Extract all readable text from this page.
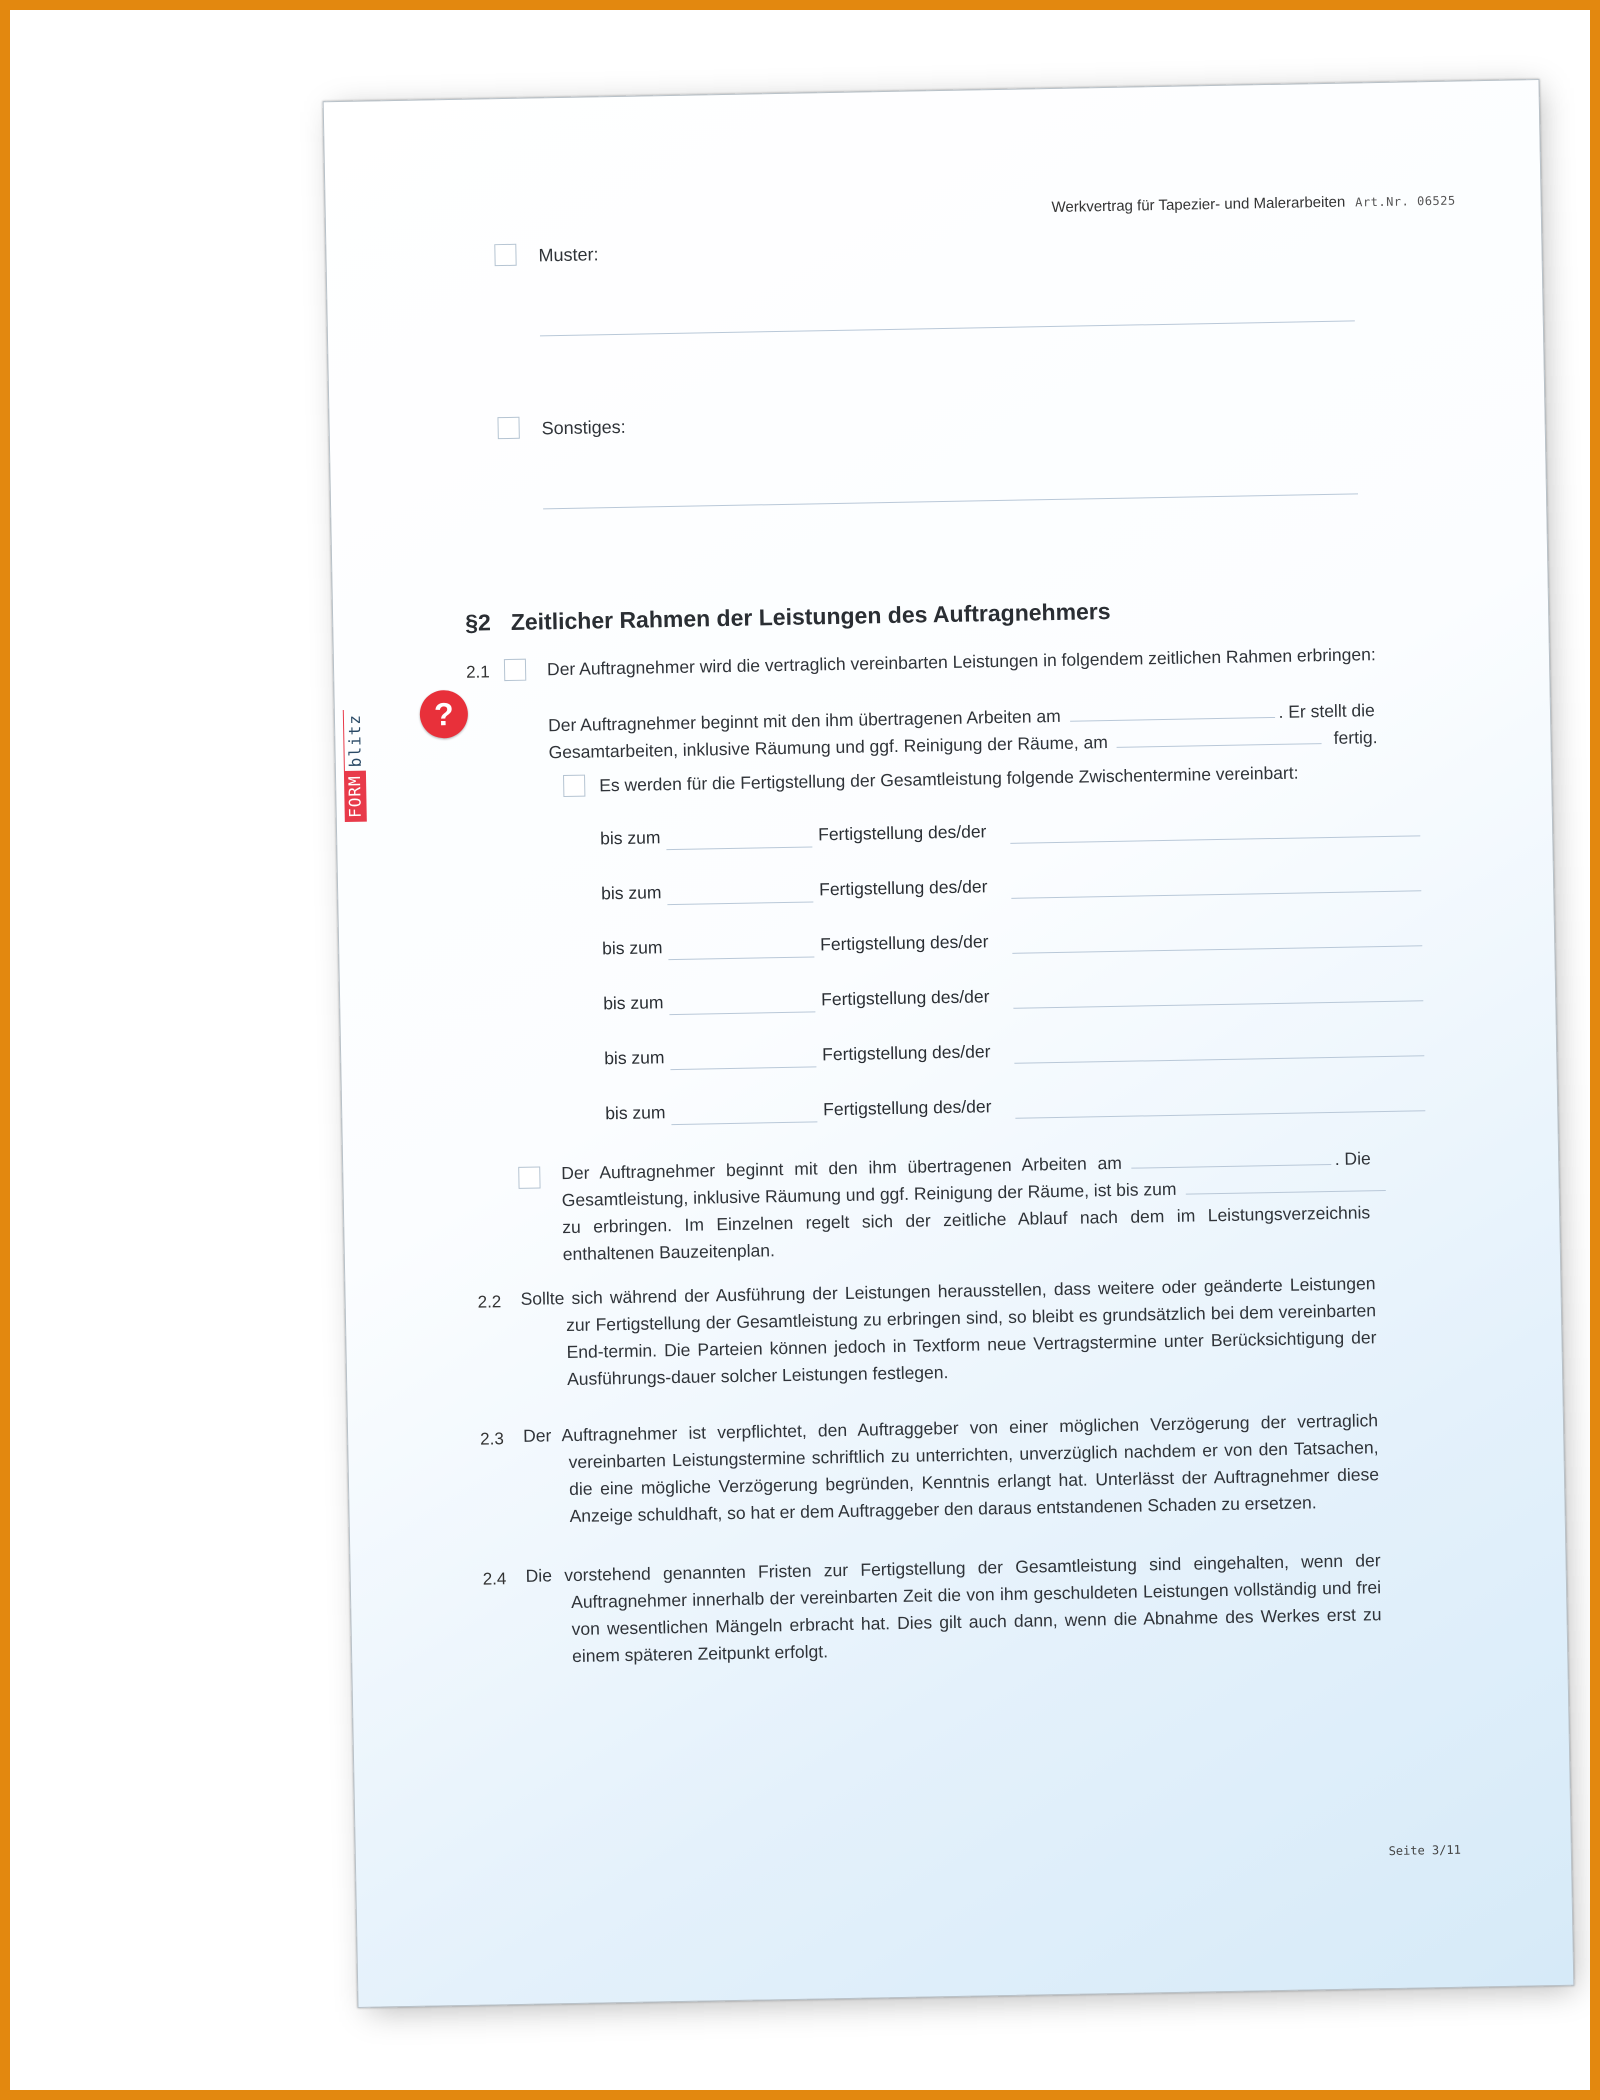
Werkvertrag für Tapezier- und Malerarbeiten Art.Nr. 06525
Muster:
Sonstiges:
§2 Zeitlicher Rahmen der Leistungen des Auftragnehmers
2.1	Der Auftragnehmer wird die vertraglich vereinbarten Leistungen in folgendem zeitlichen Rahmen erbringen:
Der Auftragnehmer beginnt mit den ihm übertragenen Arbeiten am	. Er stellt die
Gesamtarbeiten, inklusive Räumung und ggf. Reinigung der Räume, am	fertig.
Es werden für die Fertigstellung der Gesamtleistung folgende Zwischentermine vereinbart:
bis zum	Fertigstellung des/der
bis zum	Fertigstellung des/der
bis zum	Fertigstellung des/der
bis zum	Fertigstellung des/der
bis zum	Fertigstellung des/der
bis zum	Fertigstellung des/der
Der Auftragnehmer beginnt mit den ihm übertragenen Arbeiten am	. Die
Gesamtleistung, inklusive Räumung und ggf. Reinigung der Räume, ist bis zum
zu erbringen. Im Einzelnen regelt sich der zeitliche Ablauf nach dem im Leistungsverzeichnis enthaltenen Bauzeitenplan.
2.2 Sollte sich während der Ausführung der Leistungen herausstellen, dass weitere oder geänderte Leistungen zur Fertigstellung der Gesamtleistung zu erbringen sind, so bleibt es grundsätzlich bei dem vereinbarten End-termin. Die Parteien können jedoch in Textform neue Vertragstermine unter Berücksichtigung der Ausführungs-dauer solcher Leistungen festlegen.
2.3 Der Auftragnehmer ist verpflichtet, den Auftraggeber von einer möglichen Verzögerung der vertraglich vereinbarten Leistungstermine schriftlich zu unterrichten, unverzüglich nachdem er von den Tatsachen, die eine mögliche Verzögerung begründen, Kenntnis erlangt hat. Unterlässt der Auftragnehmer diese Anzeige schuldhaft, so hat er dem Auftraggeber den daraus entstandenen Schaden zu ersetzen.
2.4 Die vorstehend genannten Fristen zur Fertigstellung der Gesamtleistung sind eingehalten, wenn der Auftragnehmer innerhalb der vereinbarten Zeit die von ihm geschuldeten Leistungen vollständig und frei von wesentlichen Mängeln erbracht hat. Dies gilt auch dann, wenn die Abnahme des Werkes erst zu einem späteren Zeitpunkt erfolgt.
Seite 3/11
?
FORM
blitz
